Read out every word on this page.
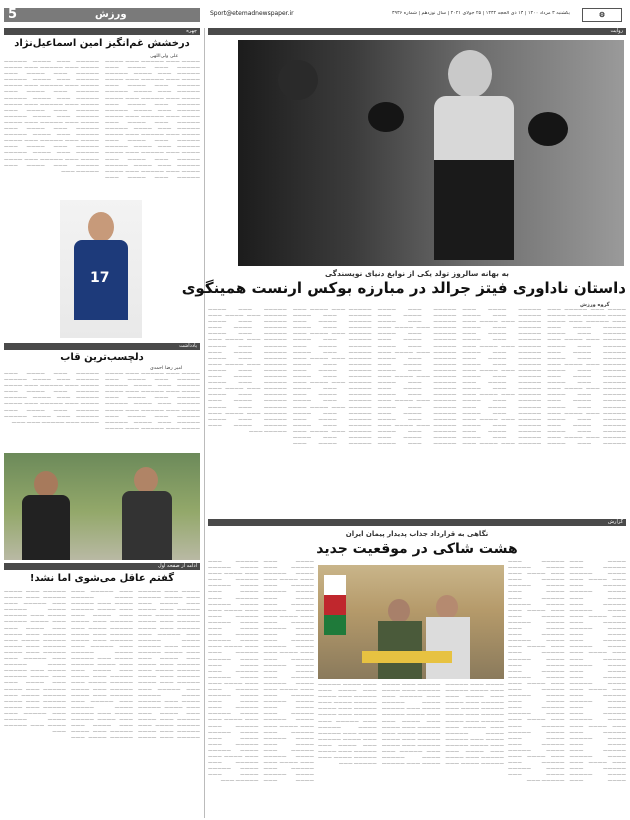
5	ورزش	Sport@etemadnewspaper.ir	یکشنبه ۳ مرداد ۱۴۰۰ | ۱۴ ذی الحجه ۱۴۴۲ | ۲۵ جولای ۲۰۲۱ | سال نوزدهم | شماره ۴۹۳۶	⚙
چهره
درخشش غم‌انگیز امین اسماعیل‌نژاد
علی ولی‌اللهی
———— ——— ————— ——— ———— ————— ——— ———— ——— ————— ——— ———— ————— ———— ——— ————— ——— ———— ————— ——— ———— ——— ————— ——— ———— ————— ———— ——— ————— ——— ———— ————— ——— ———— ——— ————— ——— ———— ————— ———— ——— ————— ——— ———— ————— ——— ———— ——— ————— ——— ———— ————— ———— ——— ————— ——— ———— ————— ——— ———— ——— ————— ——— ———— ————— ———— ——— ————— ——— ———— ————— ——— ———— ——— ————— ——— ———— ————— ———— ——— ————— ——— ———— ————— ——— ———— ——— ————— ——— ———— ————— ———— ——— ————— ——— ———— ————— ——— ———— ——— ————— ——— ———— ————— ———— ——— ————— ——— ———— ————— ——— ———— ——— ————— ——— ———— ————— ———— ——— ————— ——— ———— ————— ——— ———— ——— ————— ——— ———— ————— ———— ——— ————— ——— ———— ————— ——— ———— ——— ————— ——— ———— ————— ———— ——— ————— ——— ———— ————— ——— ———— ——— ————— ——— ———— ————— ———— ——— ————— ——— ———— ————— ——— ———— ——— ————— ———
17
یادداشت
دلچسب‌ترین قاب
امیر رضا احمدی
———— ——— ————— ——— ———— ————— ——— ———— ——— ————— ——— ———— ————— ———— ——— ————— ——— ———— ————— ——— ———— ——— ————— ——— ———— ————— ———— ——— ————— ——— ———— ————— ——— ———— ——— ————— ——— ———— ————— ———— ——— ————— ——— ———— ————— ——— ———— ——— ————— ——— ———— ————— ———— ——— ————— ——— ———— ————— ——— ———— ——— ————— ——— ———— ————— ———— ——— ————— ——— ———— ————— ——— ———— ——— ————— ——— ———— ————— ———— ——— ————— ——— ———
ادامه از صفحه اول
گفتم عاقل می‌شوی اما نشد!
———— ——— ————— ——— ———— ————— ——— ———— ——— ————— ——— ———— ————— ———— ——— ————— ——— ———— ————— ——— ———— ——— ————— ——— ———— ————— ———— ——— ————— ——— ———— ————— ——— ———— ——— ————— ——— ———— ————— ———— ——— ————— ——— ———— ————— ——— ———— ——— ————— ——— ———— ————— ———— ——— ————— ——— ———— ————— ——— ———— ——— ————— ——— ———— ————— ———— ——— ————— ——— ———— ————— ——— ———— ——— ————— ——— ———— ————— ———— ——— ————— ——— ———— ————— ——— ———— ——— ————— ——— ———— ————— ———— ——— ————— ——— ———— ————— ——— ———— ——— ————— ——— ———— ————— ———— ——— ————— ——— ———— ————— ——— ———— ——— ————— ——— ———— ————— ———— ——— ————— ——— ———— ————— ——— ———— ——— ————— ——— ———— ————— ———— ——— ————— ——— ———— ————— ——— ———— ——— ————— ——— ———— ————— ———— ——— ————— ——— ———— ————— ——— ———— ——— ————— ——— ———— ————— ———— ——— ————— ——— ———— ————— ——— ———— ——— ————— ——— ———— ————— ———— ——— ————— ——— ———— ————— ——— ———— ——— ————— ——— ———— ————— ———— ——— ————— ——— ———— ————— ——— ———— ——— ————— ——— ———— ————— ———— ——— ————— ——— ———— ————— ——— ———— ——— ————— ——— ———— ————— ———— ——— ————— ———
روایت
به بهانه سالروز تولد یکی از نوابغ دنیای نویسندگی
داستان ناداوری فیتز جرالد در مبارزه بوکس ارنست همینگوی
گروه ورزش
———— ——— ————— ——— ———— ————— ——— ———— ——— ————— ——— ———— ————— ———— ——— ————— ——— ———— ————— ——— ———— ——— ————— ——— ———— ————— ———— ——— ————— ——— ———— ————— ——— ———— ——— ————— ——— ———— ————— ———— ——— ————— ——— ———— ————— ——— ———— ——— ————— ——— ———— ————— ———— ——— ————— ——— ———— ————— ——— ———— ——— ————— ——— ———— ————— ———— ——— ————— ——— ———— ————— ——— ———— ——— ————— ——— ———— ————— ———— ——— ————— ——— ———— ————— ——— ———— ——— ————— ——— ———— ————— ———— ——— ————— ——— ———— ————— ——— ———— ——— ————— ——— ———— ————— ———— ——— ————— ——— ———— ————— ——— ———— ——— ————— ——— ———— ————— ———— ——— ————— ——— ———— ————— ——— ———— ——— ————— ——— ———— ————— ———— ——— ————— ——— ———— ————— ——— ———— ——— ————— ——— ———— ————— ———— ——— ————— ——— ———— ————— ——— ———— ——— ————— ——— ———— ————— ———— ——— ————— ——— ———— ————— ——— ———— ——— ————— ——— ———— ————— ———— ——— ————— ——— ———— ————— ——— ———— ——— ————— ——— ———— ————— ———— ——— ————— ——— ———— ————— ——— ———— ——— ————— ——— ———— ————— ———— ——— ————— ——— ———— ————— ——— ———— ——— ————— ——— ———— ————— ———— ——— ————— ——— ———— ————— ——— ———— ——— ————— ——— ———— ————— ———— ——— ————— ——— ———— ————— ——— ———— ——— ————— ——— ———— ————— ———— ——— ————— ——— ———— ————— ——— ———— ——— ————— ——— ———— ————— ———— ——— ————— ——— ———— ————— ——— ———— ——— ————— ——— ———— ————— ———— ——— ————— ——— ———— ————— ——— ———— ——— ————— ——— ———— ————— ———— ——— ————— ——— ———— ————— ——— ———— ——— ————— ——— ———— ————— ———— ——— ————— ——— ———— ————— ——— ———— ——— ————— ——— ———— ————— ———— ——— ————— ——— ———— ————— ——— ———— ——— ————— ——— ———— ————— ———— ——— ————— ——— ———— ————— ——— ———— ——— ————— ——— ———— ————— ———— ——— ————— ——— ———— ————— ——— ———— ——— ————— ——— ———— ————— ———— ——— ————— ——— ———— ————— ——— ———— ——— ————— ——— ———— ————— ———— ——— ————— ——— ———— ————— ——— ———— ——— ————— ——— ———— ————— ———— ——— ————— ———
گزارش
نگاهی به قرارداد جذاب پدیدار پیمان ایران
هشت شاکی در موقعیت جدید
———— ——— ————— ——— ———— ————— ——— ———— ——— ————— ——— ———— ————— ———— ——— ————— ——— ———— ————— ——— ———— ——— ————— ——— ———— ————— ———— ——— ————— ——— ———— ————— ——— ———— ——— ————— ——— ———— ————— ———— ——— ————— ——— ———— ————— ——— ———— ——— ————— ——— ———— ————— ———— ——— ————— ——— ———— ————— ——— ———— ——— ————— ——— ———— ————— ———— ——— ————— ——— ———— ————— ——— ———— ——— ————— ——— ———— ————— ———— ——— ————— ——— ———— ————— ——— ———— ——— ————— ——— ———— ————— ———— ——— ————— ——— ———— ————— ——— ———— ——— ————— ——— ———— ————— ———— ——— ————— ——— ———— ————— ——— ———— ——— ————— ——— ———— ————— ———— ——— ————— ——— ———— ————— ——— ———— ——— ————— ——— ———— ————— ———— ——— ————— ——— ———— ————— ——— ———— ——— ————— ——— ———— ————— ———— ——— ————— ——— ———— ————— ——— ———— ——— ————— ——— ———— ————— ———— ——— ————— ———
———— ——— ————— ——— ———— ————— ——— ———— ——— ————— ——— ———— ————— ———— ——— ————— ——— ———— ————— ——— ———— ——— ————— ——— ———— ————— ———— ——— ————— ——— ———— ————— ——— ———— ——— ————— ——— ———— ————— ———— ——— ————— ——— ———— ————— ——— ———— ——— ————— ——— ———— ————— ———— ——— ————— ——— ———— ————— ——— ———— ——— ————— ——— ———— ————— ———— ——— ————— ——— ———— ————— ——— ———— ——— ————— ——— ———— ————— ———— ——— ————— ——— ———— ————— ——— ———— ——— ————— ——— ———— ————— ———— ——— ————— ——— ———— ————— ——— ———— ——— ————— ——— ———— ————— ———— ——— ————— ——— ———— ————— ——— ———— ——— ————— ——— ———— ————— ———— ——— ————— ——— ———— ————— ——— ———— ——— ————— ——— ———— ————— ———— ——— ————— ——— ———— ————— ——— ———— ——— ————— ——— ———— ————— ———— ——— ————— ——— ———— ————— ——— ———— ——— ————— ——— ———— ————— ———— ——— ————— ———
———— ——— ————— ——— ———— ————— ——— ———— ——— ————— ——— ———— ————— ———— ——— ————— ——— ———— ————— ——— ———— ——— ————— ——— ———— ————— ———— ——— ————— ——— ———— ————— ——— ———— ——— ————— ——— ———— ————— ———— ——— ————— ——— ———— ————— ——— ———— ——— ————— ——— ———— ————— ———— ——— ————— ——— ———— ————— ——— ———— ——— ————— ——— ———— ————— ———— ——— ————— ——— ———— ————— ——— ———— ——— ————— ——— ———— ————— ———— ——— ————— ——— ———— ————— ——— ———— ——— ————— ——— ———— ————— ———— ——— ————— ——— ———— ————— ——— ———— ——— ————— ——— ———— ————— ———— ——— ————— ——— ———— ————— ——— ———— ——— ————— ——— ———— ————— ———— ——— ————— ———
